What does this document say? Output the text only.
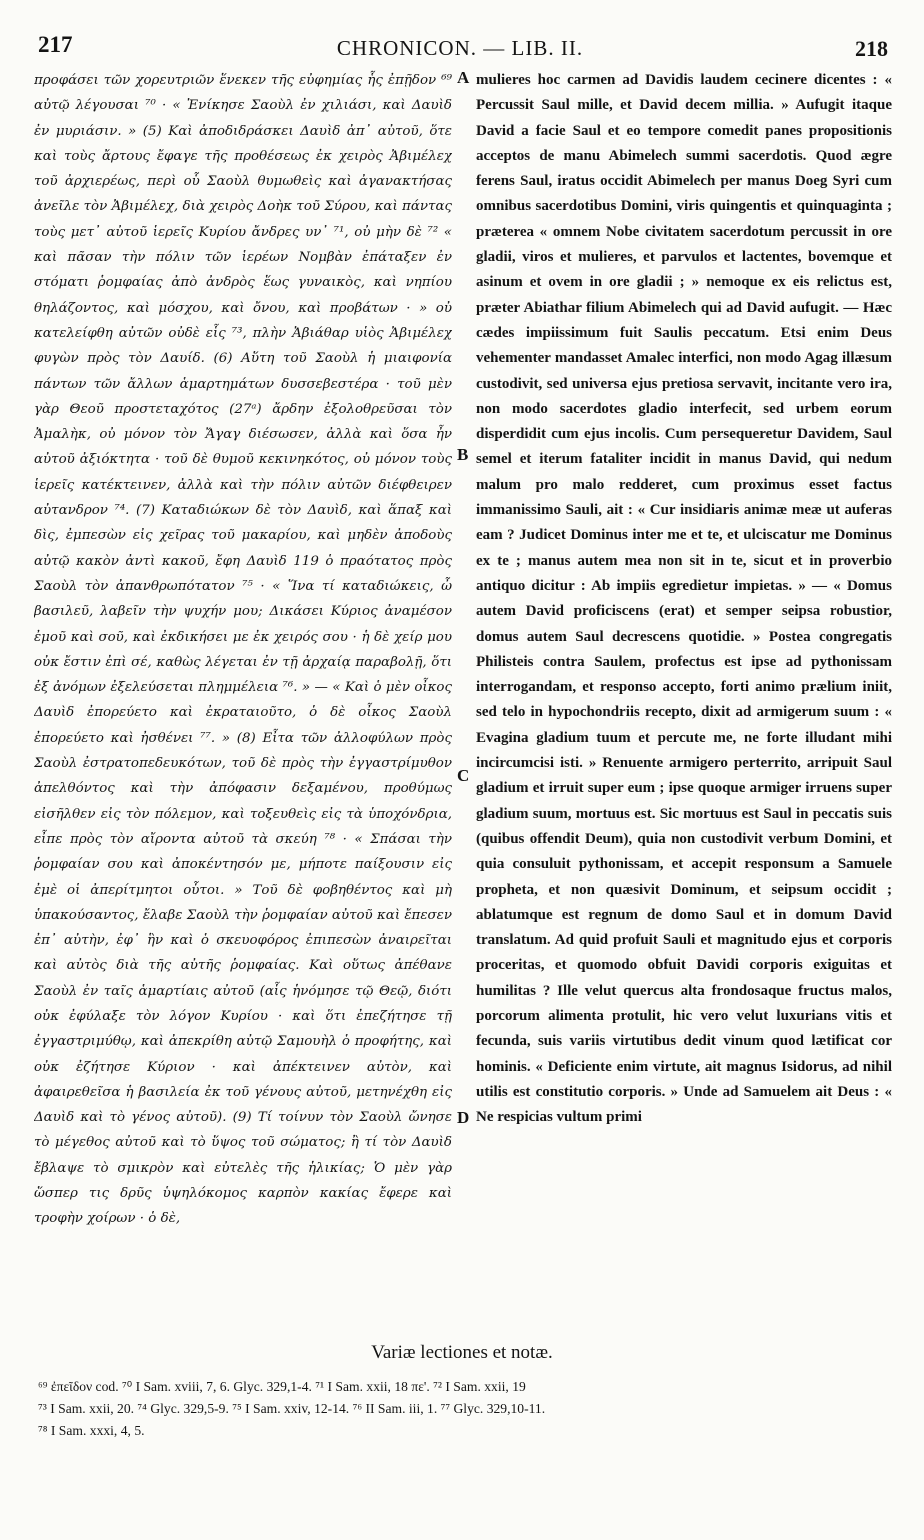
217	CHRONICON. — LIB. II.	218

προφάσει τῶν χορευτριῶν ἕνεκεν τῆς εὐφημίας ἧς ἐπῇδον ⁶⁹ αὐτῷ λέγουσαι ⁷⁰ · « Ἐνίκησε Σαοὺλ ἐν χιλιάσι, καὶ Δαυὶδ ἐν μυριάσιν. » (5) Καὶ ἀποδιδράσκει Δαυὶδ ἀπ᾽ αὐτοῦ, ὅτε καὶ τοὺς ἄρτους ἔφαγε τῆς προθέσεως ἐκ χειρὸς Ἀβιμέλεχ τοῦ ἀρχιερέως, περὶ οὗ Σαοὺλ θυμωθεὶς καὶ ἀγανακτήσας ἀνεῖλε τὸν Ἀβιμέλεχ, διὰ χειρὸς Δοὴκ τοῦ Σύρου, καὶ πάντας τοὺς μετ᾽ αὐτοῦ ἱερεῖς Κυρίου ἄνδρες υν᾽ ⁷¹, οὐ μὴν δὲ ⁷² « καὶ πᾶσαν τὴν πόλιν τῶν ἱερέων Νομβὰν ἐπάταξεν ἐν στόματι ῥομφαίας ἀπὸ ἀνδρὸς ἕως γυναικὸς, καὶ νηπίου θηλάζοντος, καὶ μόσχου, καὶ ὄνου, καὶ προβάτων · » οὐ κατελείφθη αὐτῶν οὐδὲ εἷς ⁷³, πλὴν Ἀβιάθαρ υἱὸς Ἀβιμέλεχ φυγὼν πρὸς τὸν Δαυίδ. (6) Αὕτη τοῦ Σαοὺλ ἡ μιαιφονία πάντων τῶν ἄλλων ἁμαρτημάτων δυσσεβεστέρα · τοῦ μὲν γὰρ Θεοῦ προστεταχότος (27ᵃ) ἄρδην ἐξολοθρεῦσαι τὸν Ἀμαλὴκ, οὐ μόνον τὸν Ἄγαγ διέσωσεν, ἀλλὰ καὶ ὅσα ἦν αὐτοῦ ἀξιόκτητα · τοῦ δὲ θυμοῦ κεκινηκότος, οὐ μόνον τοὺς ἱερεῖς κατέκτεινεν, ἀλλὰ καὶ τὴν πόλιν αὐτῶν διέφθειρεν αὐτανδρον ⁷⁴. (7) Καταδιώκων δὲ τὸν Δαυὶδ, καὶ ἅπαξ καὶ δὶς, ἐμπεσὼν εἰς χεῖρας τοῦ μακαρίου, καὶ μηδὲν ἀποδοὺς αὐτῷ κακὸν ἀντὶ κακοῦ, ἔφη Δαυὶδ 119 ὁ πραότατος πρὸς Σαοὺλ τὸν ἀπανθρωπότατον ⁷⁵ · « Ἵνα τί καταδιώκεις, ὦ βασιλεῦ, λαβεῖν τὴν ψυχήν μου; Δικάσει Κύριος ἀναμέσον ἐμοῦ καὶ σοῦ, καὶ ἐκδικήσει με ἐκ χειρός σου · ἡ δὲ χείρ μου οὐκ ἔστιν ἐπὶ σέ, καθὼς λέγεται ἐν τῇ ἀρχαίᾳ παραβολῇ, ὅτι ἐξ ἀνόμων ἐξελεύσεται πλημμέλεια ⁷⁶. » — « Καὶ ὁ μὲν οἶκος Δαυὶδ ἐπορεύετο καὶ ἐκραταιοῦτο, ὁ δὲ οἶκος Σαοὺλ ἐπορεύετο καὶ ἠσθένει ⁷⁷. » (8) Εἶτα τῶν ἀλλοφύλων πρὸς Σαοὺλ ἐστρατοπεδευκότων, τοῦ δὲ πρὸς τὴν ἐγγαστρίμυθον ἀπελθόντος καὶ τὴν ἀπόφασιν δεξαμένου, προθύμως εἰσῆλθεν εἰς τὸν πόλεμον, καὶ τοξευθεὶς εἰς τὰ ὑποχόνδρια, εἶπε πρὸς τὸν αἴροντα αὐτοῦ τὰ σκεύη ⁷⁸ · « Σπάσαι τὴν ῥομφαίαν σου καὶ ἀποκέντησόν με, μήποτε παίξουσιν εἰς ἐμὲ οἱ ἀπερίτμητοι οὗτοι. » Τοῦ δὲ φοβηθέντος καὶ μὴ ὑπακούσαντος, ἔλαβε Σαοὺλ τὴν ῥομφαίαν αὐτοῦ καὶ ἔπεσεν ἐπ᾽ αὐτὴν, ἐφ᾽ ἣν καὶ ὁ σκευοφόρος ἐπιπεσὼν ἀναιρεῖται καὶ αὐτὸς διὰ τῆς αὐτῆς ῥομφαίας. Καὶ οὕτως ἀπέθανε Σαοὺλ ἐν ταῖς ἁμαρτίαις αὐτοῦ (αἷς ἡνόμησε τῷ Θεῷ, διότι οὐκ ἐφύλαξε τὸν λόγον Κυρίου · καὶ ὅτι ἐπεζήτησε τῇ ἐγγαστριμύθῳ, καὶ ἀπεκρίθη αὐτῷ Σαμουὴλ ὁ προφήτης, καὶ οὐκ ἐζήτησε Κύριον · καὶ ἀπέκτεινεν αὐτὸν, καὶ ἀφαιρεθεῖσα ἡ βασιλεία ἐκ τοῦ γένους αὐτοῦ, μετηνέχθη εἰς Δαυὶδ καὶ τὸ γένος αὐτοῦ). (9) Τί τοίνυν τὸν Σαοὺλ ὤνησε τὸ μέγεθος αὐτοῦ καὶ τὸ ὕψος τοῦ σώματος; ἢ τί τὸν Δαυὶδ ἔβλαψε τὸ σμικρὸν καὶ εὐτελὲς τῆς ἡλικίας; Ὁ μὲν γὰρ ὥσπερ τις δρῦς ὑψηλόκομος καρπὸν κακίας ἔφερε καὶ τροφὴν χοίρων · ὁ δὲ,

A
B
C
D

mulieres hoc carmen ad Davidis laudem cecinere dicentes : « Percussit Saul mille, et David decem millia. » Aufugit itaque David a facie Saul et eo tempore comedit panes propositionis acceptos de manu Abimelech summi sacerdotis. Quod ægre ferens Saul, iratus occidit Abimelech per manus Doeg Syri cum omnibus sacerdotibus Domini, viris quingentis et quinquaginta ; præterea « omnem Nobe civitatem sacerdotum percussit in ore gladii, viros et mulieres, et parvulos et lactentes, bovemque et asinum et ovem in ore gladii ; » nemoque ex eis relictus est, præter Abiathar filium Abimelech qui ad David aufugit. — Hæc cædes impiissimum fuit Saulis peccatum. Etsi enim Deus vehementer mandasset Amalec interfici, non modo Agag illæsum custodivit, sed universa ejus pretiosa servavit, incitante vero ira, non modo sacerdotes gladio interfecit, sed urbem eorum disperdidit cum ejus incolis. Cum persequeretur Davidem, Saul semel et iterum fataliter incidit in manus David, qui nedum malum pro malo redderet, cum proximus esset factus immanissimo Sauli, ait : « Cur insidiaris animæ meæ ut auferas eam ? Judicet Dominus inter me et te, et ulciscatur me Dominus ex te ; manus autem mea non sit in te, sicut et in proverbio antiquo dicitur : Ab impiis egredietur impietas. » — « Domus autem David proficiscens (erat) et semper seipsa robustior, domus autem Saul decrescens quotidie. » Postea congregatis Philisteis contra Saulem, profectus est ipse ad pythonissam interrogandam, et responso accepto, forti animo prælium iniit, sed telo in hypochondriis recepto, dixit ad armigerum suum : « Evagina gladium tuum et percute me, ne forte illudant mihi incircumcisi isti. » Renuente armigero perterrito, arripuit Saul gladium et irruit super eum ; ipse quoque armiger irruens super gladium suum, mortuus est. Sic mortuus est Saul in peccatis suis (quibus offendit Deum), quia non custodivit verbum Domini, et quia consuluit pythonissam, et accepit responsum a Samuele propheta, et non quæsivit Dominum, et seipsum occidit ; ablatumque est regnum de domo Saul et in domum David translatum. Ad quid profuit Sauli et magnitudo ejus et corporis proceritas, et quomodo obfuit Davidi corporis exiguitas et humilitas ? Ille velut quercus alta frondosaque fructus malos, porcorum alimenta protulit, hic vero velut luxurians vitis et fecunda, suis variis virtutibus dedit vinum quod lætificat cor hominis. « Deficiente enim virtute, ait magnus Isidorus, ad nihil utilis est constitutio corporis. » Unde ad Samuelem ait Deus : « Ne respicias vultum primi

Variæ lectiones et notæ.
⁶⁹ ἐπεῖδον cod. ⁷⁰ I Sam. xviii, 7, 6. Glyc. 329,1-4. ⁷¹ I Sam. xxii, 18 πε'. ⁷² I Sam. xxii, 19
⁷³ I Sam. xxii, 20. ⁷⁴ Glyc. 329,5-9. ⁷⁵ I Sam. xxiv, 12-14. ⁷⁶ II Sam. iii, 1. ⁷⁷ Glyc. 329,10-11.
⁷⁸ I Sam. xxxi, 4, 5.
